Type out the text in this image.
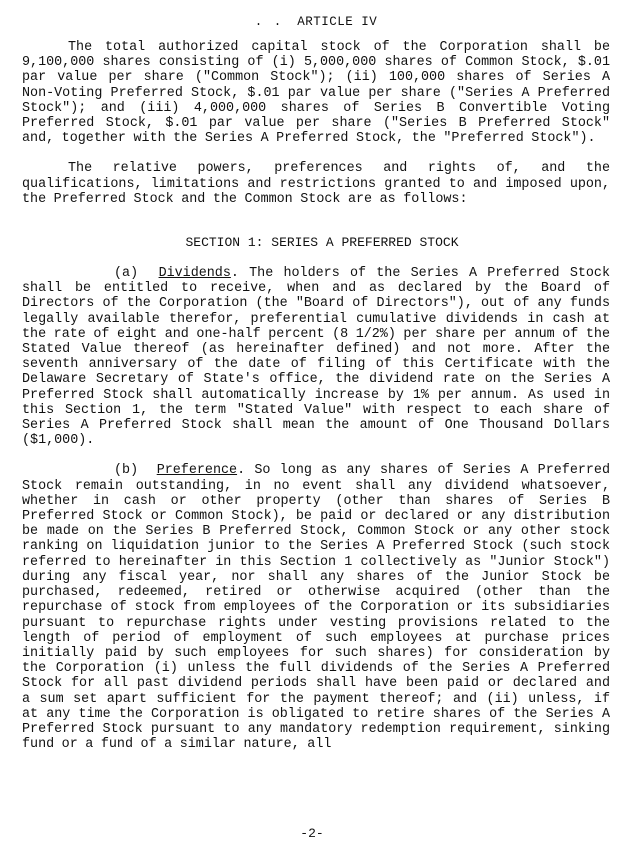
. . ARTICLE IV

The total authorized capital stock of the Corporation shall be 9,100,000 shares consisting of (i) 5,000,000 shares of Common Stock, $.01 par value per share ("Common Stock"); (ii) 100,000 shares of Series A Non-Voting Preferred Stock, $.01 par value per share ("Series A Preferred Stock"); and (iii) 4,000,000 shares of Series B Convertible Voting Preferred Stock, $.01 par value per share ("Series B Preferred Stock" and, together with the Series A Preferred Stock, the "Preferred Stock").

The relative powers, preferences and rights of, and the qualifications, limitations and restrictions granted to and imposed upon, the Preferred Stock and the Common Stock are as follows:

SECTION 1: SERIES A PREFERRED STOCK

(a) Dividends. The holders of the Series A Preferred Stock shall be entitled to receive, when and as declared by the Board of Directors of the Corporation (the "Board of Directors"), out of any funds legally available therefor, preferential cumulative dividends in cash at the rate of eight and one-half percent (8 1/2%) per share per annum of the Stated Value thereof (as hereinafter defined) and not more. After the seventh anniversary of the date of filing of this Certificate with the Delaware Secretary of State's office, the dividend rate on the Series A Preferred Stock shall automatically increase by 1% per annum. As used in this Section 1, the term "Stated Value" with respect to each share of Series A Preferred Stock shall mean the amount of One Thousand Dollars ($1,000).

(b) Preference. So long as any shares of Series A Preferred Stock remain outstanding, in no event shall any dividend whatsoever, whether in cash or other property (other than shares of Series B Preferred Stock or Common Stock), be paid or declared or any distribution be made on the Series B Preferred Stock, Common Stock or any other stock ranking on liquidation junior to the Series A Preferred Stock (such stock referred to hereinafter in this Section 1 collectively as "Junior Stock") during any fiscal year, nor shall any shares of the Junior Stock be purchased, redeemed, retired or otherwise acquired (other than the repurchase of stock from employees of the Corporation or its subsidiaries pursuant to repurchase rights under vesting provisions related to the length of period of employment of such employees at purchase prices initially paid by such employees for such shares) for consideration by the Corporation (i) unless the full dividends of the Series A Preferred Stock for all past dividend periods shall have been paid or declared and a sum set apart sufficient for the payment thereof; and (ii) unless, if at any time the Corporation is obligated to retire shares of the Series A Preferred Stock pursuant to any mandatory redemption requirement, sinking fund or a fund of a similar nature, all

-2-
